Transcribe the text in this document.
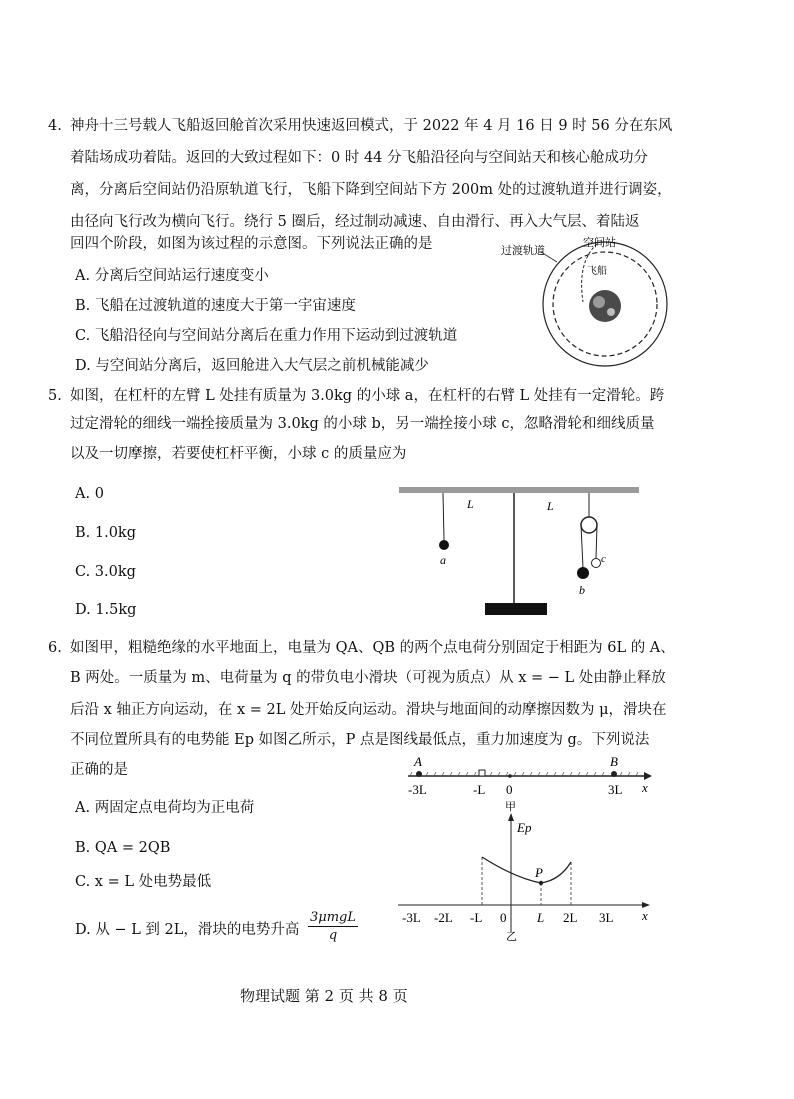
4. 神舟十三号载人飞船返回舱首次采用快速返回模式，于 2022 年 4 月 16 日 9 时 56 分在东风
着陆场成功着陆。返回的大致过程如下：0 时 44 分飞船沿径向与空间站天和核心舱成功分
离，分离后空间站仍沿原轨道飞行，飞船下降到空间站下方 200m 处的过渡轨道并进行调姿，
由径向飞行改为横向飞行。绕行 5 圈后，经过制动减速、自由滑行、再入大气层、着陆返
回四个阶段，如图为该过程的示意图。下列说法正确的是
A. 分离后空间站运行速度变小
B. 飞船在过渡轨道的速度大于第一宇宙速度
C. 飞船沿径向与空间站分离后在重力作用下运动到过渡轨道
D. 与空间站分离后，返回舱进入大气层之前机械能减少
过渡轨道
空间站
飞船
5. 如图，在杠杆的左臂 L 处挂有质量为 3.0kg 的小球 a，在杠杆的右臂 L 处挂有一定滑轮。跨
过定滑轮的细线一端拴接质量为 3.0kg 的小球 b，另一端拴接小球 c，忽略滑轮和细线质量
以及一切摩擦，若要使杠杆平衡，小球 c 的质量应为
A. 0
B. 1.0kg
C. 3.0kg
D. 1.5kg
a
L	L
b
c
6. 如图甲，粗糙绝缘的水平地面上，电量为 QA、QB 的两个点电荷分别固定于相距为 6L 的 A、
B 两处。一质量为 m、电荷量为 q 的带负电小滑块（可视为质点）从 x = − L 处由静止释放
后沿 x 轴正方向运动，在 x = 2L 处开始反向运动。滑块与地面间的动摩擦因数为 μ，滑块在
不同位置所具有的电势能 Ep 如图乙所示，P 点是图线最低点，重力加速度为 g。下列说法
正确的是
A. 两固定点电荷均为正电荷
B. QA = 2QB
C. x = L 处电势最低
D. 从 − L 到 2L，滑块的电势升高
3μmgL
q
A	B
-3L	-L 0	3L x
甲
P
Ep
-3L -2L -L 0 L 2L 3L x
乙
物理试题 第 2 页 共 8 页
